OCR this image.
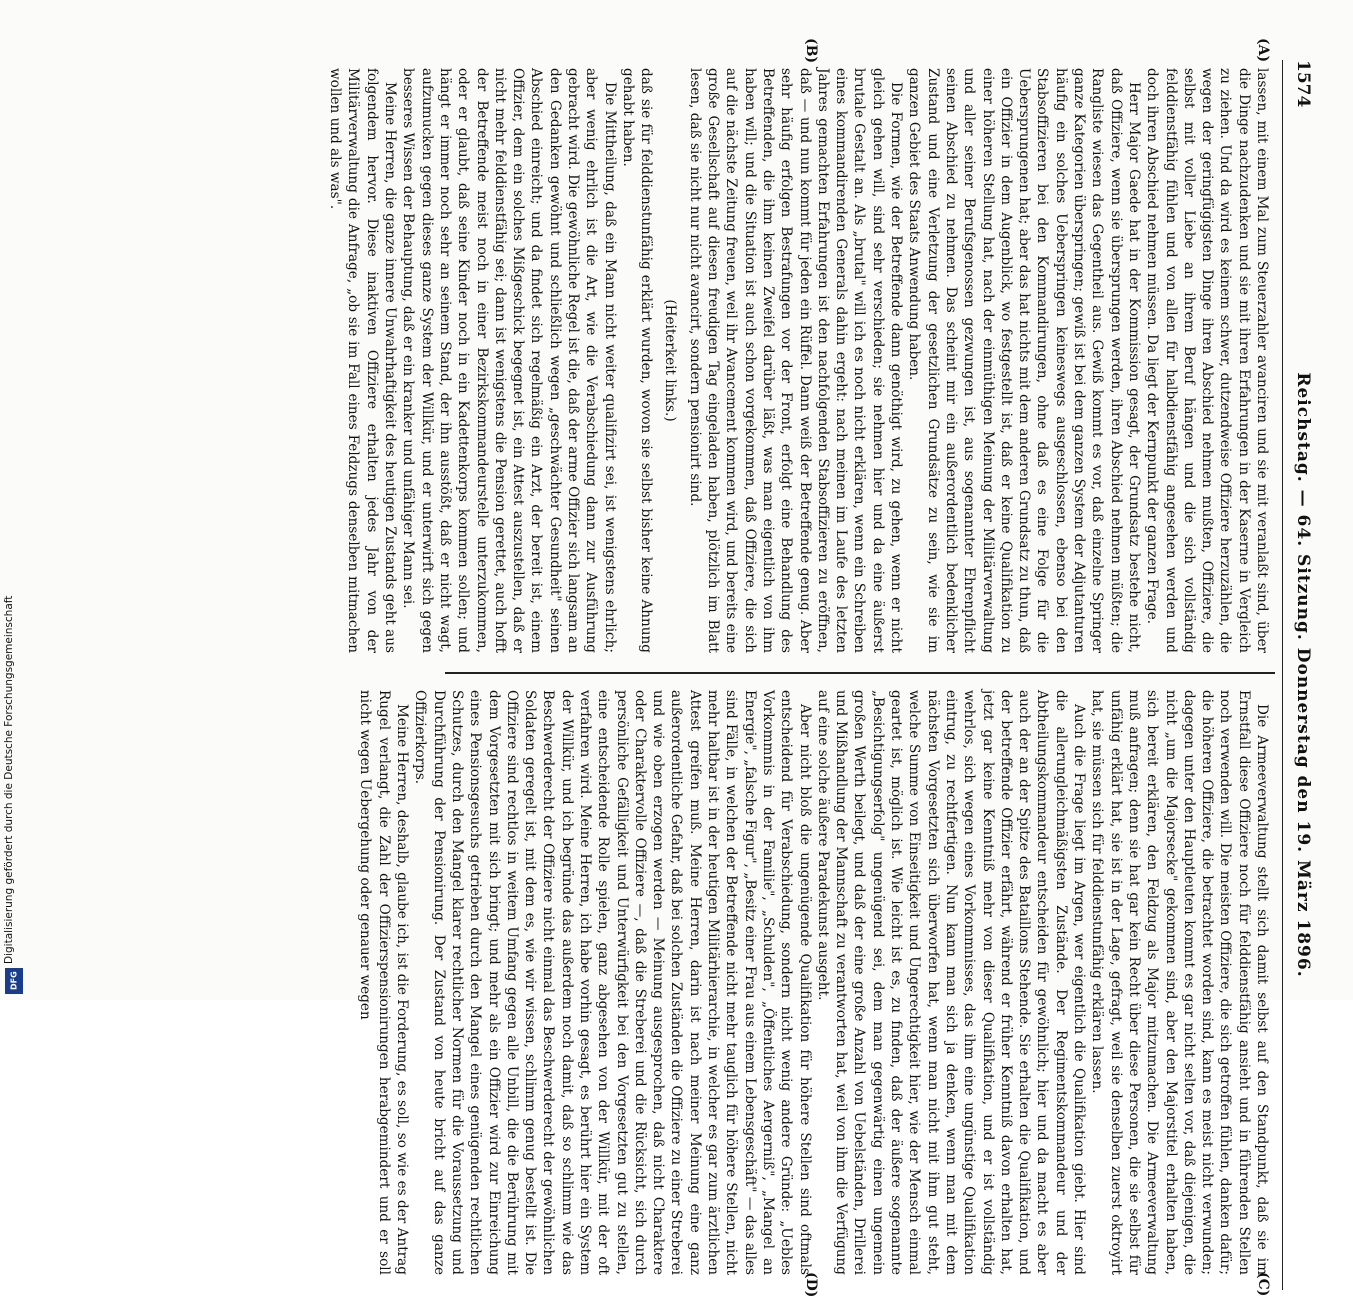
1574
Reichstag. — 64. Sitzung. Donnerstag den 19. März 1896.
(A)
(B)
(C)
(D)

lassen, mit einem Mal zum Steuerzahler avanciren und sie mit veranlaßt sind, über die Dinge nachzudenken und sie mit ihren Erfahrungen in der Kaserne in Vergleich zu ziehen. Und da wird es keinem schwer, dutzendweise Offiziere herzuzählen, die wegen der geringfügigsten Dinge ihren Abschied nehmen mußten, Offiziere, die selbst mit voller Liebe an ihrem Beruf hängen und die sich vollständig felddienstfähig fühlen und von allen für halbdienstfähig angesehen werden und doch ihren Abschied nehmen müssen. Da liegt der Kernpunkt der ganzen Frage.

Herr Major Gaede hat in der Kommission gesagt, der Grundsatz bestehe nicht, daß Offiziere, wenn sie übersprungen werden, ihren Abschied nehmen müßten; die Rangliste wiesen das Gegentheil aus. Gewiß kommt es vor, daß einzelne Springer ganze Kategorien überspringen; gewiß ist bei dem ganzen System der Adjutanturen häufig ein solches Ueberspringen keineswegs ausgeschlossen, ebenso bei den Stabsoffizieren bei den Kommandirungen, ohne daß es eine Folge für die Uebersprungenen hat; aber das hat nichts mit dem anderen Grundsatz zu thun, daß ein Offizier in dem Augenblick, wo festgestellt ist, daß er keine Qualifikation zu einer höheren Stellung hat, nach der einmüthigen Meinung der Militärverwaltung und aller seiner Berufsgenossen gezwungen ist, aus sogenannter Ehrenpflicht seinen Abschied zu nehmen. Das scheint mir ein außerordentlich bedenklicher Zustand und eine Verletzung der gesetzlichen Grundsätze zu sein, wie sie im ganzen Gebiet des Staats Anwendung haben.

Die Formen, wie der Betreffende dann genöthigt wird, zu gehen, wenn er nicht gleich gehen will, sind sehr verschieden; sie nehmen hier und da eine äußerst brutale Gestalt an. Als „brutal" will ich es noch nicht erklären, wenn ein Schreiben eines kommandirenden Generals dahin ergeht: nach meinen im Laufe des letzten Jahres gemachten Erfahrungen ist den nachfolgenden Stabsoffizieren zu eröffnen, daß — und nun kommt für jeden ein Rüffel. Dann weiß der Betreffende genug. Aber sehr häufig erfolgen Bestrafungen vor der Front, erfolgt eine Behandlung des Betreffenden, die ihm keinen Zweifel darüber läßt, was man eigentlich von ihm haben will; und die Situation ist auch schon vorgekommen, daß Offiziere, die sich auf die nächste Zeitung freuen, weil ihr Avancement kommen wird, und bereits eine große Gesellschaft auf diesen freudigen Tag eingeladen haben, plötzlich im Blatt lesen, daß sie nicht nur nicht avancirt, sondern pensionirt sind.

(Heiterkeit links.)

daß sie für felddienstunfähig erklärt wurden, wovon sie selbst bisher keine Ahnung gehabt haben.

Die Mittheilung, daß ein Mann nicht weiter qualifizirt sei, ist wenigstens ehrlich; aber wenig ehrlich ist die Art, wie die Verabschiedung dann zur Ausführung gebracht wird. Die gewöhnliche Regel ist die, daß der arme Offizier sich langsam an den Gedanken gewöhnt und schließlich wegen „geschwächter Gesundheit" seinen Abschied einreicht; und da findet sich regelmäßig ein Arzt, der bereit ist, einem Offizier, dem ein solches Mißgeschick begegnet ist, ein Attest auszustellen, daß er nicht mehr felddienstfähig sei; dann ist wenigstens die Pension gerettet, auch hofft der Betreffende meist noch in einer Bezirkskommandeurstelle unterzukommen, oder er glaubt, daß seine Kinder noch in ein Kadettenkorps kommen sollen; und hängt er immer noch sehr an seinem Stand, der ihn ausstößt, daß er nicht wagt, aufzumucken gegen dieses ganze System der Willkür, und er unterwirft sich gegen besseres Wissen der Behauptung, daß er ein kranker und unfähiger Mann sei.

Meine Herren, die ganze innere Unwahrhaftigkeit des heutigen Zustands geht aus folgendem hervor. Diese inaktiven Offiziere erhalten jedes Jahr von der Militärverwaltung die Anfrage, „ob sie im Fall eines Feldzugs denselben mitmachen wollen und als was".

Die Armeeverwaltung stellt sich damit selbst auf den Standpunkt, daß sie im Ernstfall diese Offiziere noch für felddienstfähig ansieht und in führenden Stellen noch verwenden will. Die meisten Offiziere, die sich getroffen fühlen, danken dafür; die höheren Offiziere, die betrachtet worden sind, kann es meist nicht verwunden; dagegen unter den Hauptleuten kommt es gar nicht selten vor, daß diejenigen, die nicht „um die Majorsecke" gekommen sind, aber den Majorstitel erhalten haben, sich bereit erklären, den Feldzug als Major mitzumachen. Die Armeeverwaltung muß anfragen; denn sie hat gar kein Recht über diese Personen, die sie selbst für unfähig erklärt hat, sie ist in der Lage, gefragt, weil sie denselben zuerst oktroyirt hat, sie müssen sich für felddienstunfähig erklären lassen.

Auch die Frage liegt im Argen, wer eigentlich die Qualifikation giebt. Hier sind die allerungleichmäßigsten Zustände. Der Regimentskommandeur und der Abtheilungskommandeur entscheiden für gewöhnlich; hier und da macht es aber auch der an der Spitze des Bataillons Stehende. Sie erhalten die Qualifikation, und der betreffende Offizier erfährt, während er früher Kenntniß davon erhalten hat, jetzt gar keine Kenntniß mehr von dieser Qualifikation, und er ist vollständig wehrlos, sich wegen eines Vorkommnisses, das ihm eine ungünstige Qualifikation eintrug, zu rechtfertigen. Nun kann man sich ja denken, wenn man mit dem nächsten Vorgesetzten sich überworfen hat, wenn man nicht mit ihm gut steht, welche Summe von Einseitigkeit und Ungerechtigkeit hier, wie der Mensch einmal geartet ist, möglich ist. Wie leicht ist es, zu finden, daß der äußere sogenannte „Besichtigungserfolg" ungenügend sei, dem man gegenwärtig einen ungemein großen Werth beilegt, und daß der eine große Anzahl von Uebelständen, Drillerei und Mißhandlung der Mannschaft zu verantworten hat, weil von ihm die Verfügung auf eine solche äußere Paradekunst ausgeht.

Aber nicht bloß die ungenügende Qualifikation für höhere Stellen sind oftmals entscheidend für Verabschiedung, sondern nicht wenig andere Gründe: „Uebles Vorkommnis in der Familie", „Schulden", „Öffentliches Aergerniß", „Mangel an Energie", „falsche Figur", „Besitz einer Frau aus einem Lebensgeschäft" — das alles sind Fälle, in welchen der Betreffende nicht mehr tauglich für höhere Stellen, nicht mehr haltbar ist in der heutigen Militärhierarchie, in welcher es gar zum ärztlichen Attest greifen muß. Meine Herren, darin ist nach meiner Meinung eine ganz außerordentliche Gefahr, daß bei solchen Zuständen die Offiziere zu einer Streberei und wie oben erzogen werden — Meinung ausgesprochen, daß nicht Charaktere oder Charaktervolle Offiziere —, daß die Streberei und die Rücksicht, sich durch persönliche Gefälligkeit und Unterwürfigkeit bei den Vorgesetzten gut zu stellen, eine entscheidende Rolle spielen, ganz abgesehen von der Willkür, mit der oft verfahren wird. Meine Herren, ich habe vorhin gesagt, es berührt hier ein System der Willkür, und ich begründe das außerdem noch damit, daß so schlimm wie das Beschwerderecht der Offiziere nicht einmal das Beschwerderecht der gewöhnlichen Soldaten geregelt ist, mit dem es, wie wir wissen, schlimm genug bestellt ist. Die Offiziere sind rechtlos in weitem Umfang gegen alle Unbill, die die Berührung mit dem Vorgesetzten mit sich bringt; und mehr als ein Offizier wird zur Einreichung eines Pensionsgesuchs getrieben durch den Mangel eines genügenden rechtlichen Schutzes, durch den Mangel klarer rechtlicher Normen für die Voraussetzung und Durchführung der Pensionirung. Der Zustand von heute bricht auf das ganze Offizierkorps.

Meine Herren, deshalb, glaube ich, ist die Forderung, es soll, so wie es der Antrag Rugel verlangt, die Zahl der Offizierspensionirungen herabgemindert und er soll nicht wegen Uebergehung oder genauer wegen

Digitalisierung gefördert durch die Deutsche Forschungsgemeinschaft
DFG
